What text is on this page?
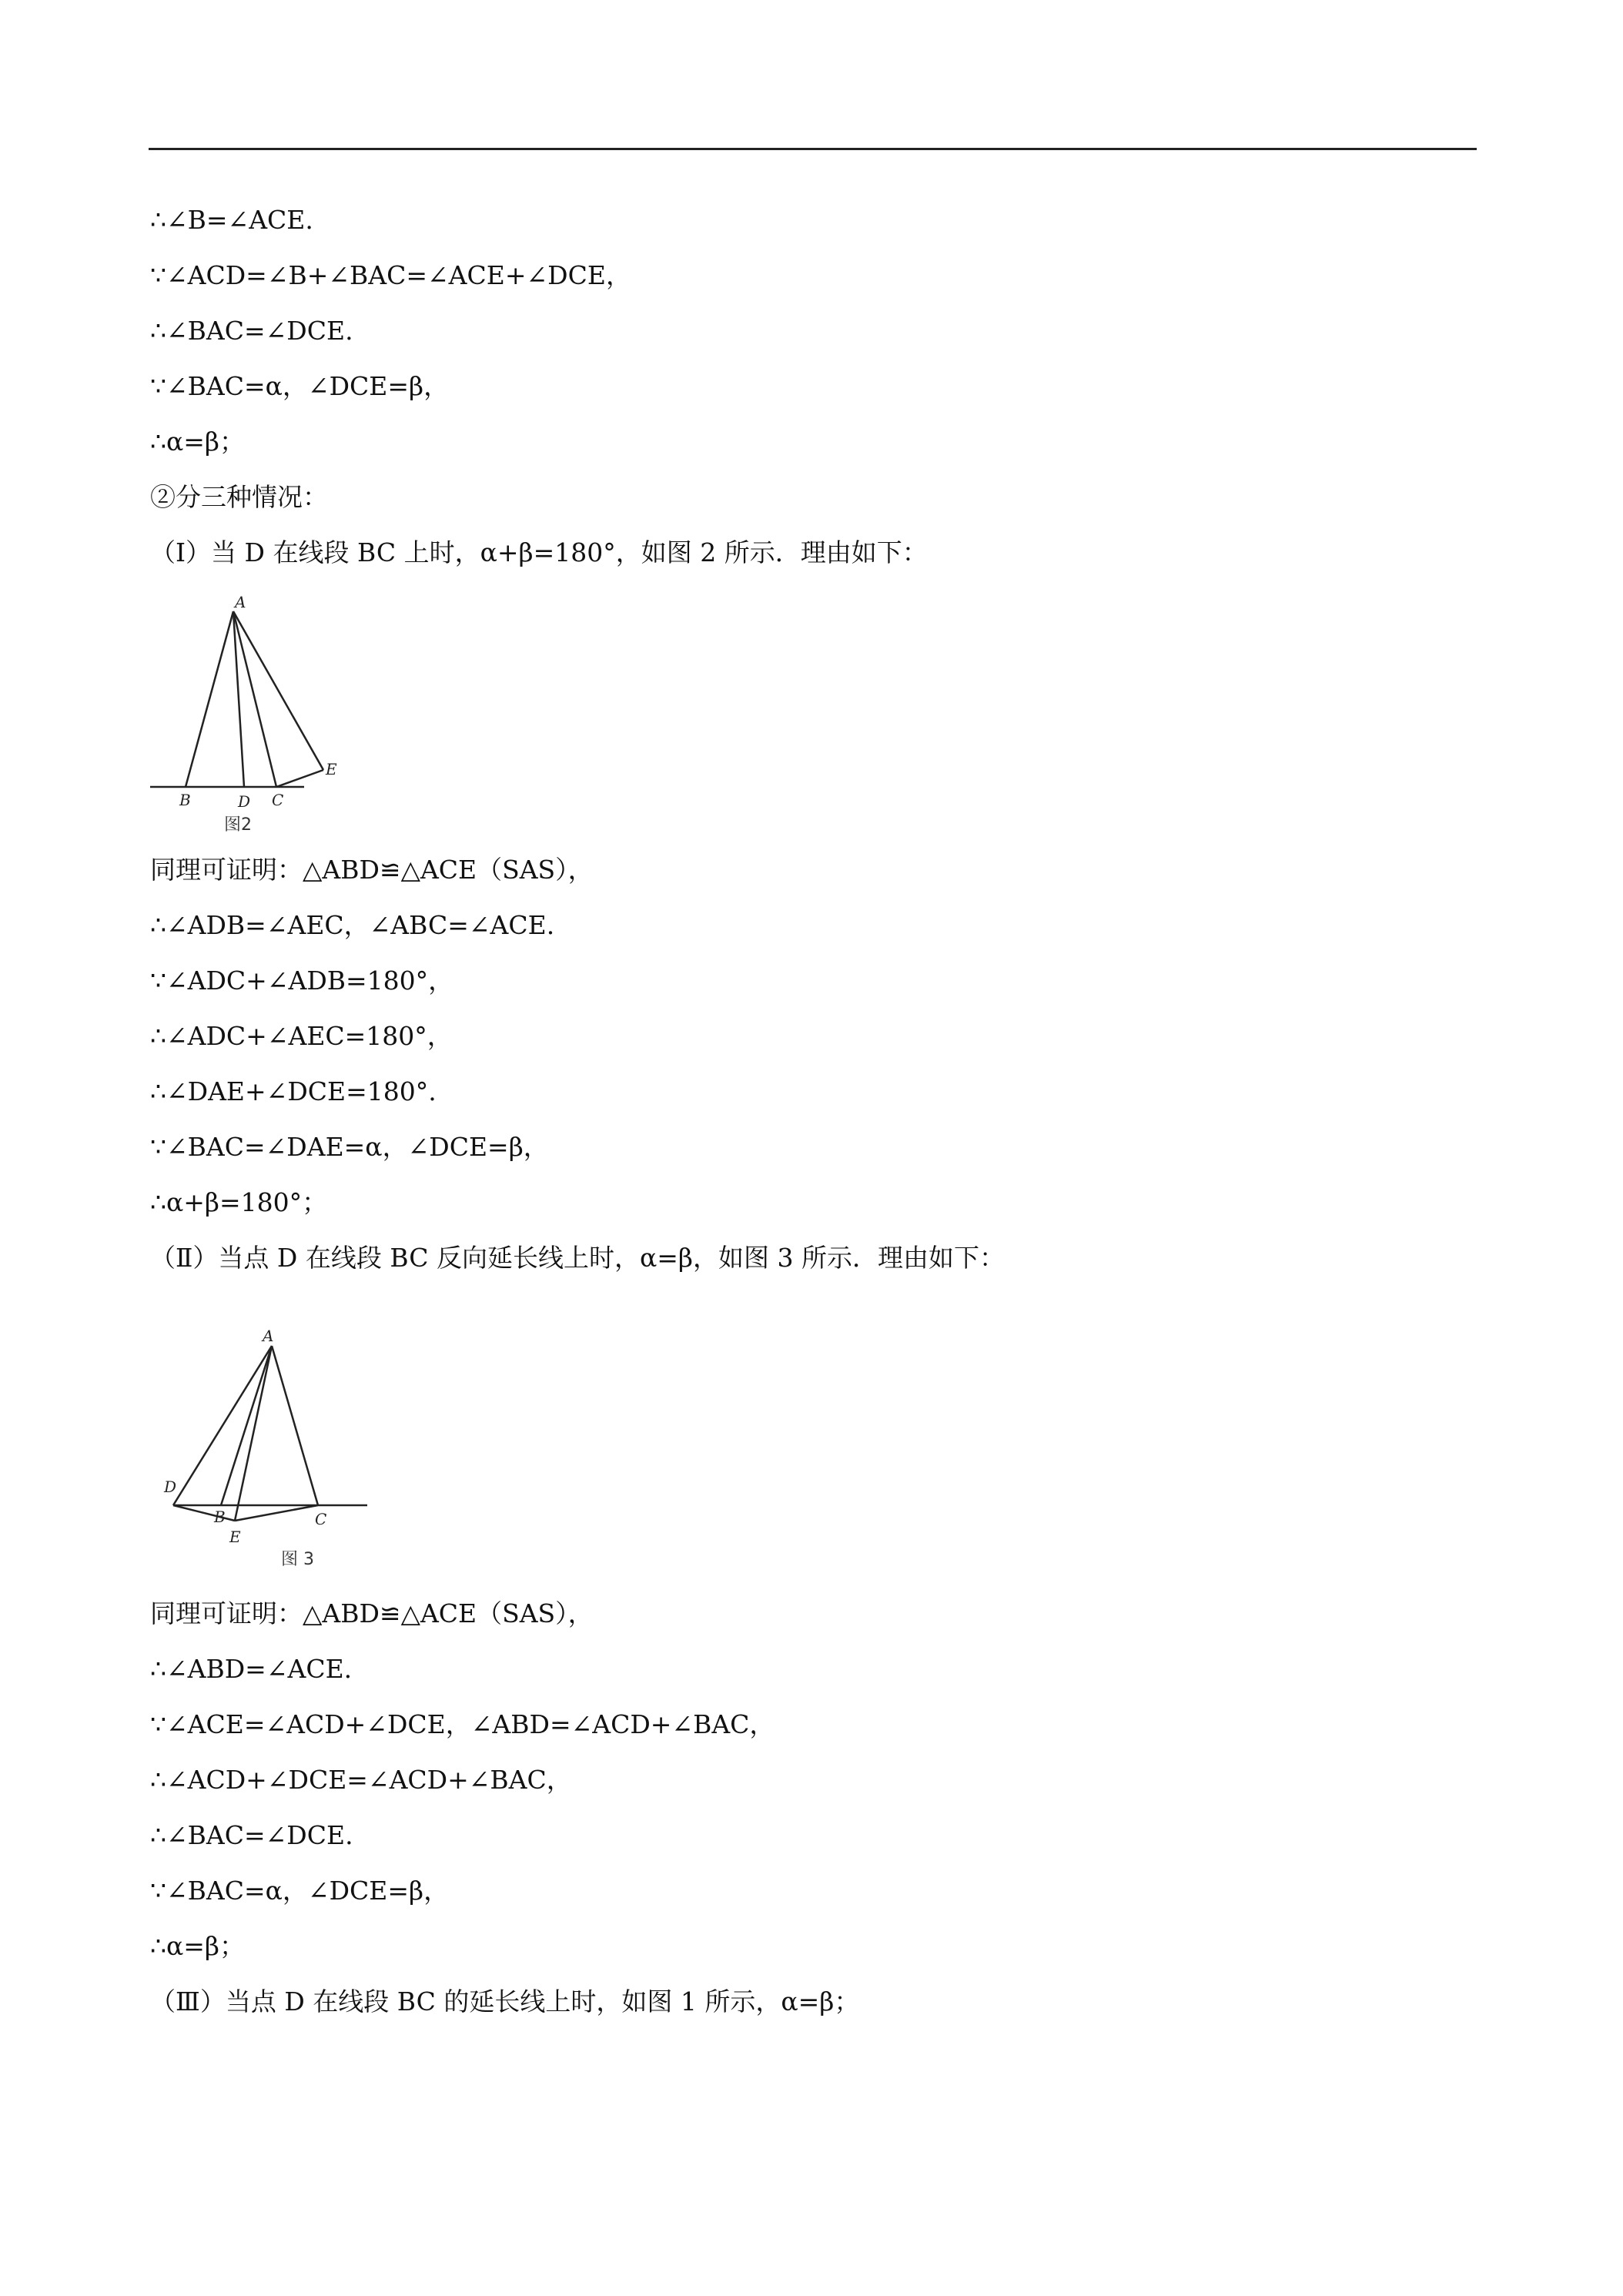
∴∠B=∠ACE.
∵∠ACD=∠B+∠BAC=∠ACE+∠DCE，
∴∠BAC=∠DCE.
∵∠BAC=α，∠DCE=β，
∴α=β；
②分三种情况：
（Ⅰ）当 D 在线段 BC 上时，α+β=180°，如图 2 所示．理由如下：
A
B	D C
E
图2
同理可证明：△ABD≌△ACE（SAS），
∴∠ADB=∠AEC，∠ABC=∠ACE.
∵∠ADC+∠ADB=180°，
∴∠ADC+∠AEC=180°，
∴∠DAE+∠DCE=180°.
∵∠BAC=∠DAE=α，∠DCE=β，
∴α+β=180°；
（Ⅱ）当点 D 在线段 BC 反向延长线上时，α=β，如图 3 所示．理由如下：
A
D
B
E
C
图 3
同理可证明：△ABD≌△ACE（SAS），
∴∠ABD=∠ACE.
∵∠ACE=∠ACD+∠DCE，∠ABD=∠ACD+∠BAC，
∴∠ACD+∠DCE=∠ACD+∠BAC，
∴∠BAC=∠DCE.
∵∠BAC=α，∠DCE=β，
∴α=β；
（Ⅲ）当点 D 在线段 BC 的延长线上时，如图 1 所示，α=β；
